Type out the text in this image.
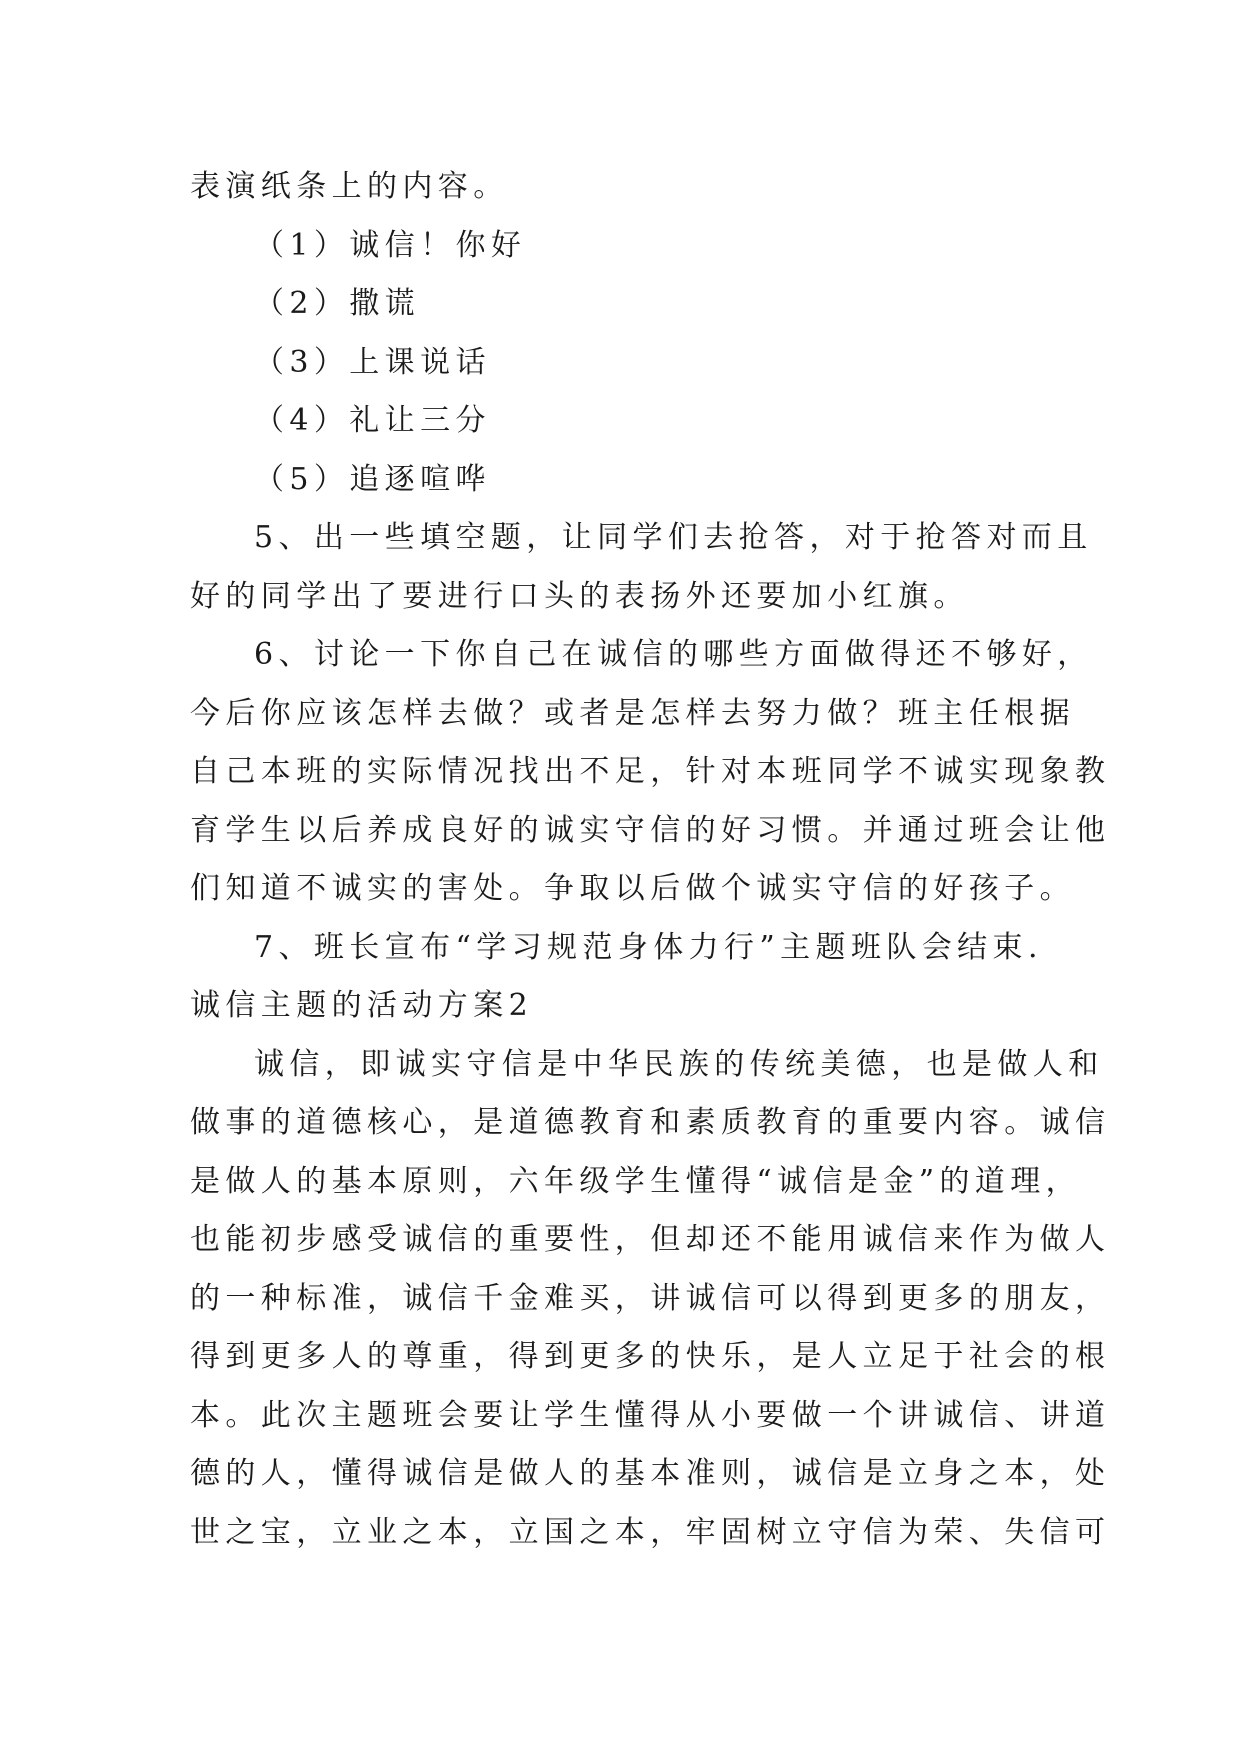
表演纸条上的内容。
（1）诚信！你好
（2）撒谎
（3）上课说话
（4）礼让三分
（5）追逐喧哗
5、出一些填空题，让同学们去抢答，对于抢答对而且
好的同学出了要进行口头的表扬外还要加小红旗。
6、讨论一下你自己在诚信的哪些方面做得还不够好，
今后你应该怎样去做？或者是怎样去努力做？班主任根据
自己本班的实际情况找出不足，针对本班同学不诚实现象教
育学生以后养成良好的诚实守信的好习惯。并通过班会让他
们知道不诚实的害处。争取以后做个诚实守信的好孩子。
7、班长宣布“学习规范身体力行”主题班队会结束.
诚信主题的活动方案2
诚信，即诚实守信是中华民族的传统美德，也是做人和
做事的道德核心，是道德教育和素质教育的重要内容。诚信
是做人的基本原则，六年级学生懂得“诚信是金”的道理，
也能初步感受诚信的重要性，但却还不能用诚信来作为做人
的一种标准，诚信千金难买，讲诚信可以得到更多的朋友，
得到更多人的尊重，得到更多的快乐，是人立足于社会的根
本。此次主题班会要让学生懂得从小要做一个讲诚信、讲道
德的人，懂得诚信是做人的基本准则，诚信是立身之本，处
世之宝，立业之本，立国之本，牢固树立守信为荣、失信可
